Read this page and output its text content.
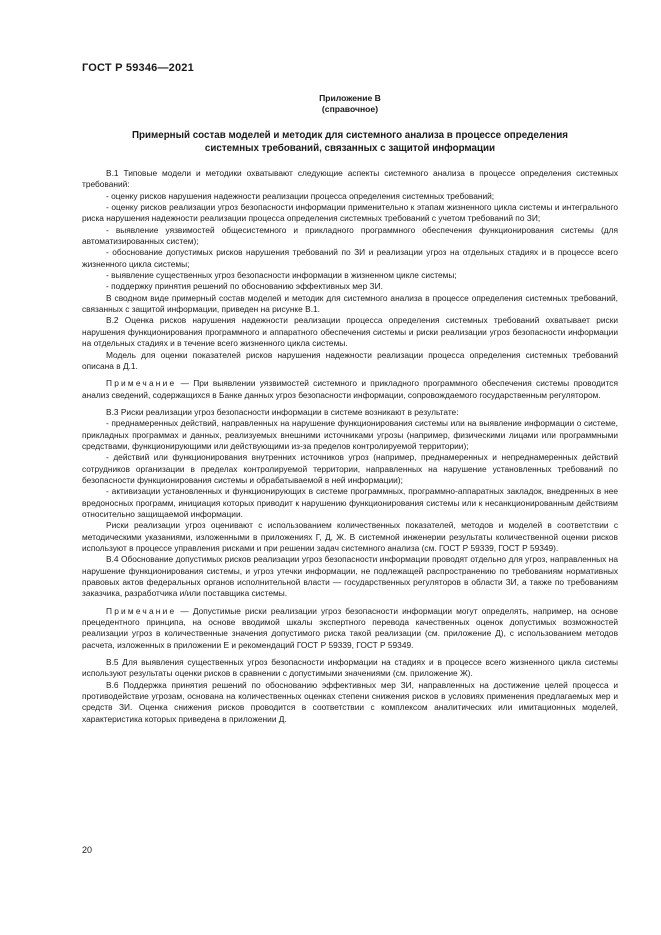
ГОСТ Р 59346—2021
Приложение В
(справочное)
Примерный состав моделей и методик для системного анализа в процессе определения
системных требований, связанных с защитой информации

В.1 Типовые модели и методики охватывают следующие аспекты системного анализа в процессе определения системных требований:

- оценку рисков нарушения надежности реализации процесса определения системных требований;

- оценку рисков реализации угроз безопасности информации применительно к этапам жизненного цикла системы и интегрального риска нарушения надежности реализации процесса определения системных требований с учетом требований по ЗИ;

- выявление уязвимостей общесистемного и прикладного программного обеспечения функционирования системы (для автоматизированных систем);

- обоснование допустимых рисков нарушения требований по ЗИ и реализации угроз на отдельных стадиях и в процессе всего жизненного цикла системы;

- выявление существенных угроз безопасности информации в жизненном цикле системы;

- поддержку принятия решений по обоснованию эффективных мер ЗИ.

В сводном виде примерный состав моделей и методик для системного анализа в процессе определения системных требований, связанных с защитой информации, приведен на рисунке В.1.

В.2 Оценка рисков нарушения надежности реализации процесса определения системных требований охватывает риски нарушения функционирования программного и аппаратного обеспечения системы и риски реализации угроз безопасности информации на отдельных стадиях и в течение всего жизненного цикла системы.

Модель для оценки показателей рисков нарушения надежности реализации процесса определения системных требований описана в Д.1.

Примечание — При выявлении уязвимостей системного и прикладного программного обеспечения системы проводится анализ сведений, содержащихся в Банке данных угроз безопасности информации, сопровождаемого государственным регулятором.

В.3 Риски реализации угроз безопасности информации в системе возникают в результате:

- преднамеренных действий, направленных на нарушение функционирования системы или на выявление информации о системе, прикладных программах и данных, реализуемых внешними источниками угрозы (например, физическими лицами или программными средствами, функционирующими или действующими из-за пределов контролируемой территории);

- действий или функционирования внутренних источников угроз (например, преднамеренных и непреднамеренных действий сотрудников организации в пределах контролируемой территории, направленных на нарушение установленных требований по безопасности функционирования системы и обрабатываемой в ней информации);

- активизации установленных и функционирующих в системе программных, программно-аппаратных закладок, внедренных в нее вредоносных программ, инициация которых приводит к нарушению функционирования системы или к несанкционированным действиям относительно защищаемой информации.

Риски реализации угроз оценивают с использованием количественных показателей, методов и моделей в соответствии с методическими указаниями, изложенными в приложениях Г, Д, Ж. В системной инженерии результаты количественной оценки рисков используют в процессе управления рисками и при решении задач системного анализа (см. ГОСТ Р 59339, ГОСТ Р 59349).

В.4 Обоснование допустимых рисков реализации угроз безопасности информации проводят отдельно для угроз, направленных на нарушение функционирования системы, и угроз утечки информации, не подлежащей распространению по требованиям нормативных правовых актов федеральных органов исполнительной власти — государственных регуляторов в области ЗИ, а также по требованиям заказчика, разработчика и/или поставщика системы.

Примечание — Допустимые риски реализации угроз безопасности информации могут определять, например, на основе прецедентного принципа, на основе вводимой шкалы экспертного перевода качественных оценок допустимых возможностей реализации угроз в количественные значения допустимого риска такой реализации (см. приложение Д), с использованием методов расчета, изложенных в приложении Е и рекомендаций ГОСТ Р 59339, ГОСТ Р 59349.

В.5 Для выявления существенных угроз безопасности информации на стадиях и в процессе всего жизненного цикла системы используют результаты оценки рисков в сравнении с допустимыми значениями (см. приложение Ж).

В.6 Поддержка принятия решений по обоснованию эффективных мер ЗИ, направленных на достижение целей процесса и противодействие угрозам, основана на количественных оценках степени снижения рисков в условиях применения предлагаемых мер и средств ЗИ. Оценка снижения рисков проводится в соответствии с комплексом аналитических или имитационных моделей, характеристика которых приведена в приложении Д.

20
